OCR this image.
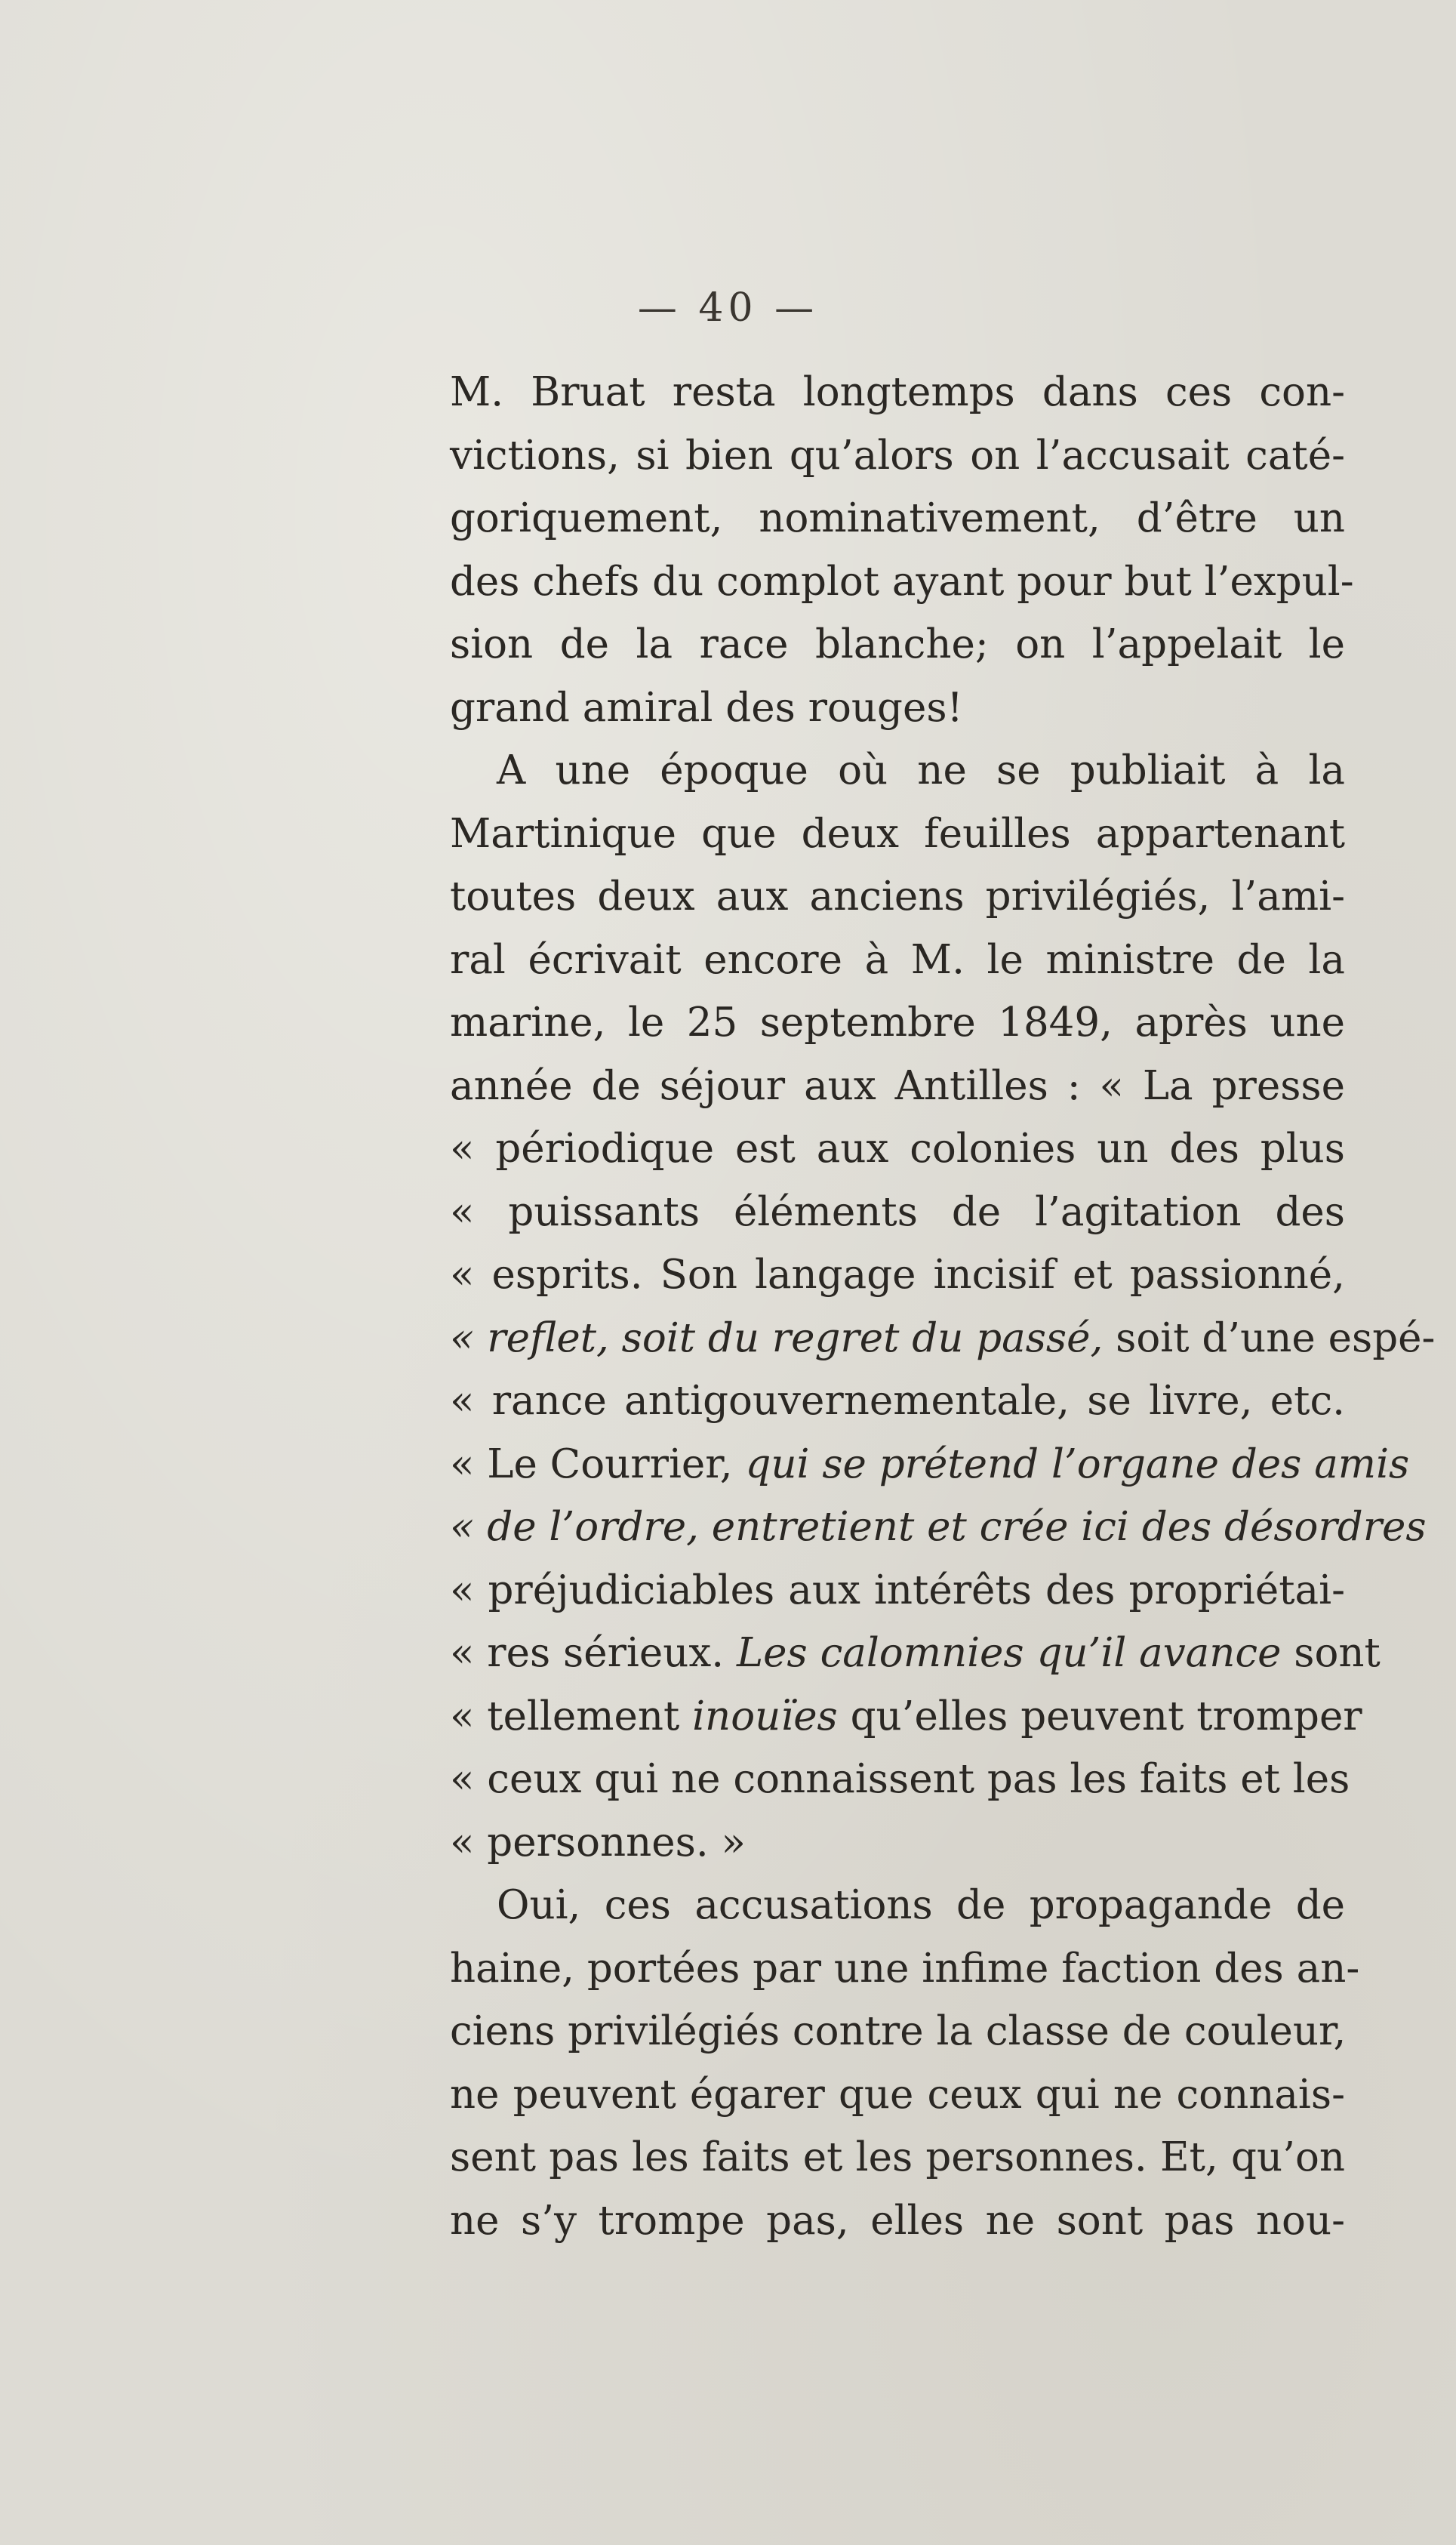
— 40 —
M. Bruat resta longtemps dans ces con-
victions, si bien qu’alors on l’accusait caté-
goriquement, nominativement, d’être un
des chefs du complot ayant pour but l’expul-
sion de la race blanche; on l’appelait le
grand amiral des rouges!
A une époque où ne se publiait à la
Martinique que deux feuilles appartenant
toutes deux aux anciens privilégiés, l’ami-
ral écrivait encore à M. le ministre de la
marine, le 25 septembre 1849, après une
année de séjour aux Antilles : « La presse
« périodique est aux colonies un des plus
« puissants éléments de l’agitation des
« esprits. Son langage incisif et passionné,
« reflet, soit du regret du passé, soit d’une espé-
« rance antigouvernementale, se livre, etc.
« Le Courrier, qui se prétend l’organe des amis
« de l’ordre, entretient et crée ici des désordres
« préjudiciables aux intérêts des propriétai-
« res sérieux. Les calomnies qu’il avance sont
« tellement inouïes qu’elles peuvent tromper
« ceux qui ne connaissent pas les faits et les
« personnes. »
Oui, ces accusations de propagande de
haine, portées par une infime faction des an-
ciens privilégiés contre la classe de couleur,
ne peuvent égarer que ceux qui ne connais-
sent pas les faits et les personnes. Et, qu’on
ne s’y trompe pas, elles ne sont pas nou-
